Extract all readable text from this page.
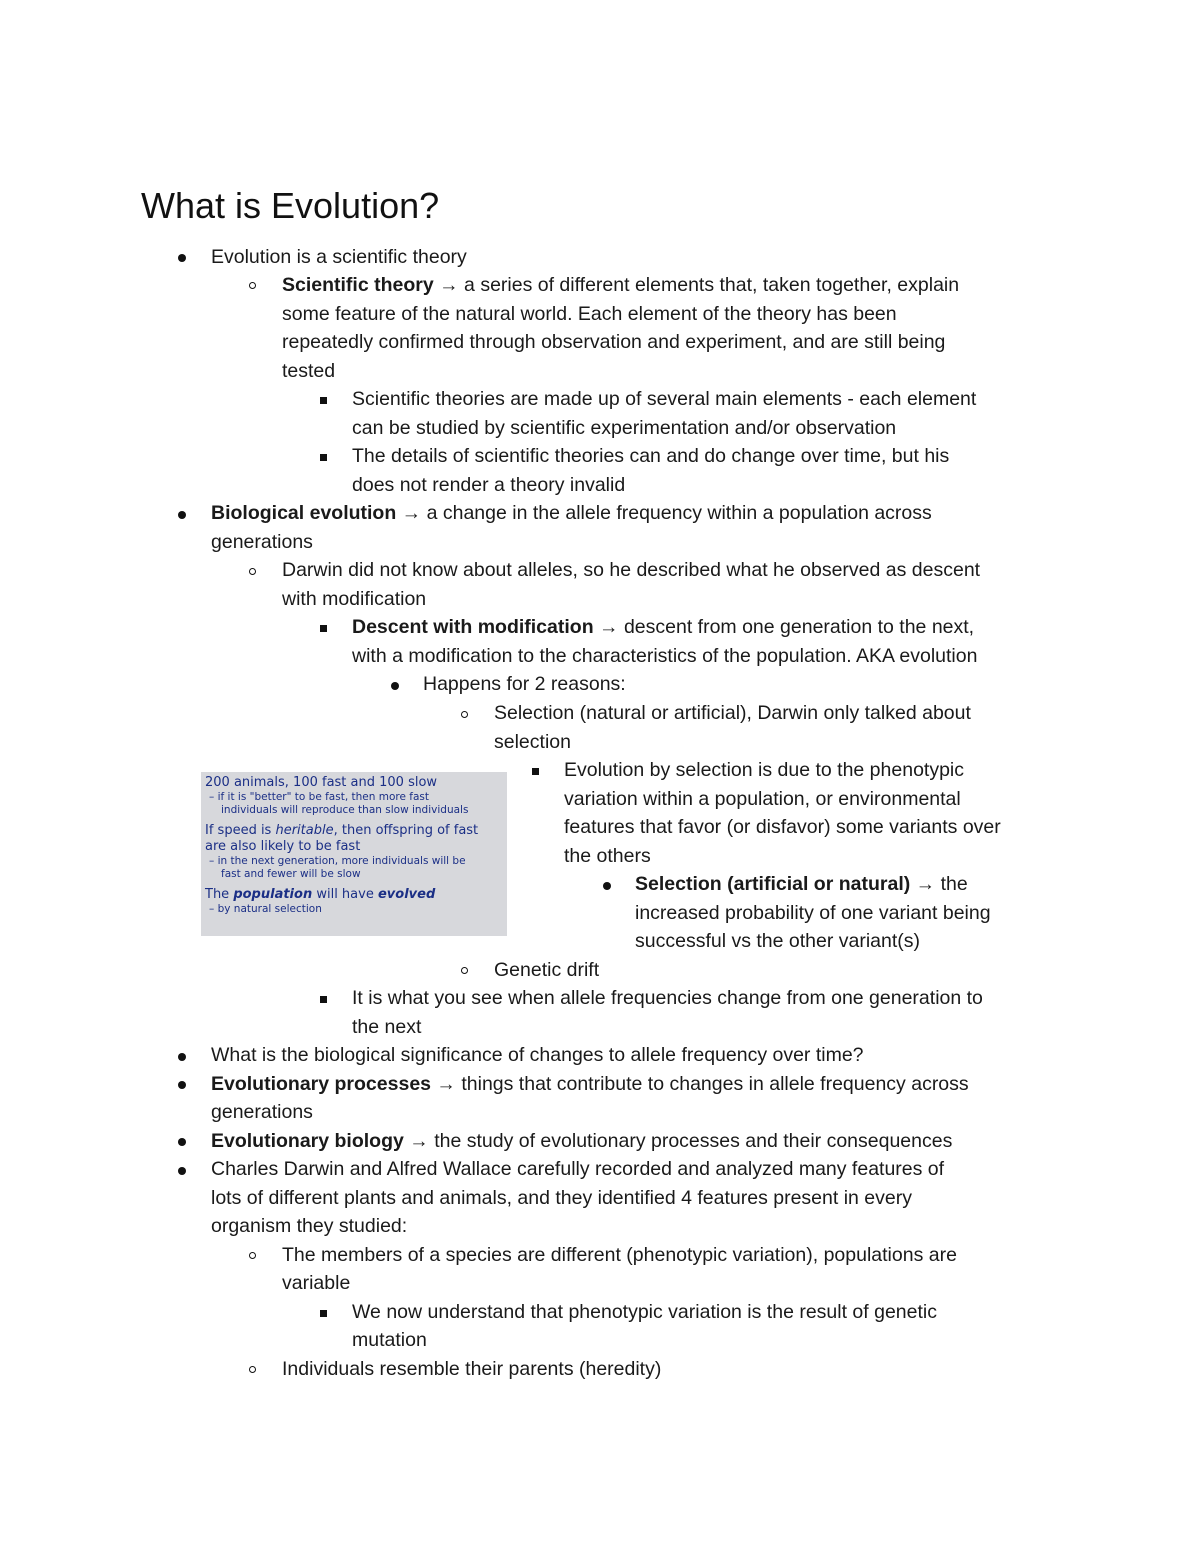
What is Evolution?

Evolution is a scientific theory

Scientific theory → a series of different elements that, taken together, explain

some feature of the natural world. Each element of the theory has been

repeatedly confirmed through observation and experiment, and are still being

tested

Scientific theories are made up of several main elements - each element

can be studied by scientific experimentation and/or observation

The details of scientific theories can and do change over time, but his

does not render a theory invalid

Biological evolution → a change in the allele frequency within a population across

generations

Darwin did not know about alleles, so he described what he observed as descent

with modification

Descent with modification → descent from one generation to the next,

with a modification to the characteristics of the population. AKA evolution

Happens for 2 reasons:

Selection (natural or artificial), Darwin only talked about

selection

Evolution by selection is due to the phenotypic

variation within a population, or environmental

features that favor (or disfavor) some variants over

the others

Selection (artificial or natural) → the

increased probability of one variant being

successful vs the other variant(s)

Genetic drift

It is what you see when allele frequencies change from one generation to

the next

What is the biological significance of changes to allele frequency over time?

Evolutionary processes → things that contribute to changes in allele frequency across

generations

Evolutionary biology → the study of evolutionary processes and their consequences

Charles Darwin and Alfred Wallace carefully recorded and analyzed many features of

lots of different plants and animals, and they identified 4 features present in every

organism they studied:

The members of a species are different (phenotypic variation), populations are

variable

We now understand that phenotypic variation is the result of genetic

mutation

Individuals resemble their parents (heredity)

200 animals, 100 fast and 100 slow
– if it is "better" to be fast, then more fast
individuals will reproduce than slow individuals
If speed is heritable, then offspring of fast
are also likely to be fast
– in the next generation, more individuals will be
fast and fewer will be slow
The population will have evolved
– by natural selection
